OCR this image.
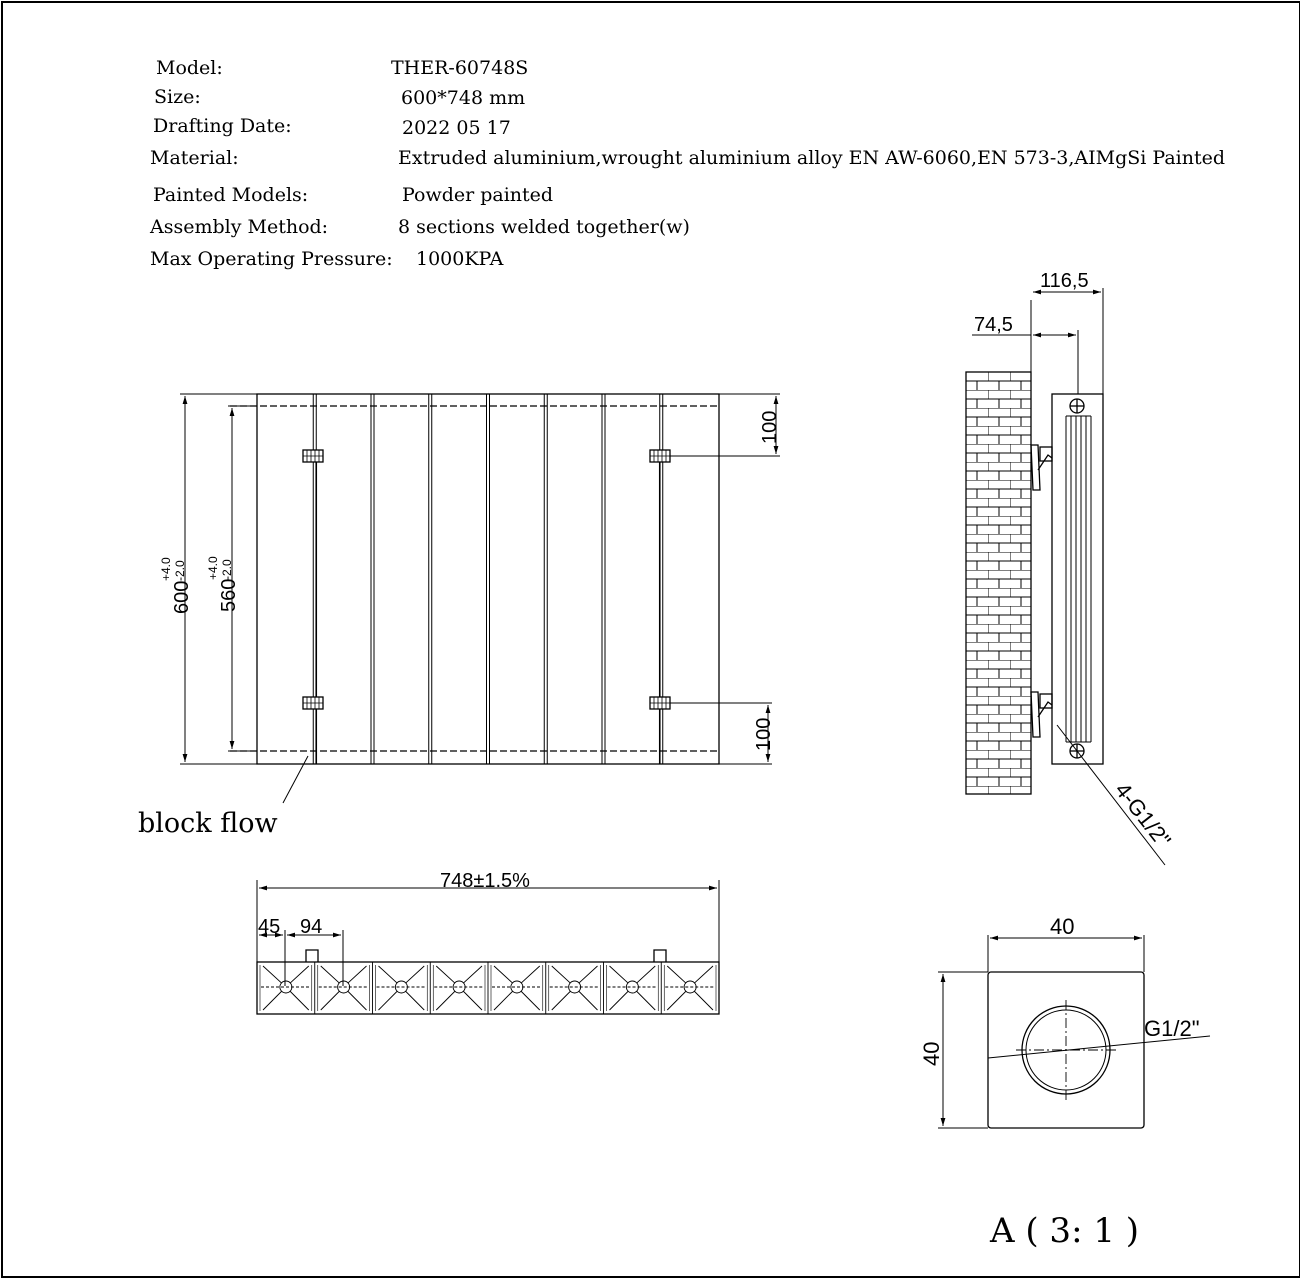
Model:	THER-60748S
Size:	600*748 mm
Drafting Date:	2022 05 17
Material:	Extruded aluminium,wrought aluminium alloy EN AW-6060,EN 573-3,AIMgSi Painted
Painted Models:	Powder painted
Assembly Method:	8 sections welded together(w)
Max Operating Pressure: 1000KPA
600
+4.0 -2.0
560
+4.0 -2.0
100
100
block flow
116,5
74,5
4-G1/2"
748±1.5%
45 94	40
40
G1/2"
A ( 3: 1 )
